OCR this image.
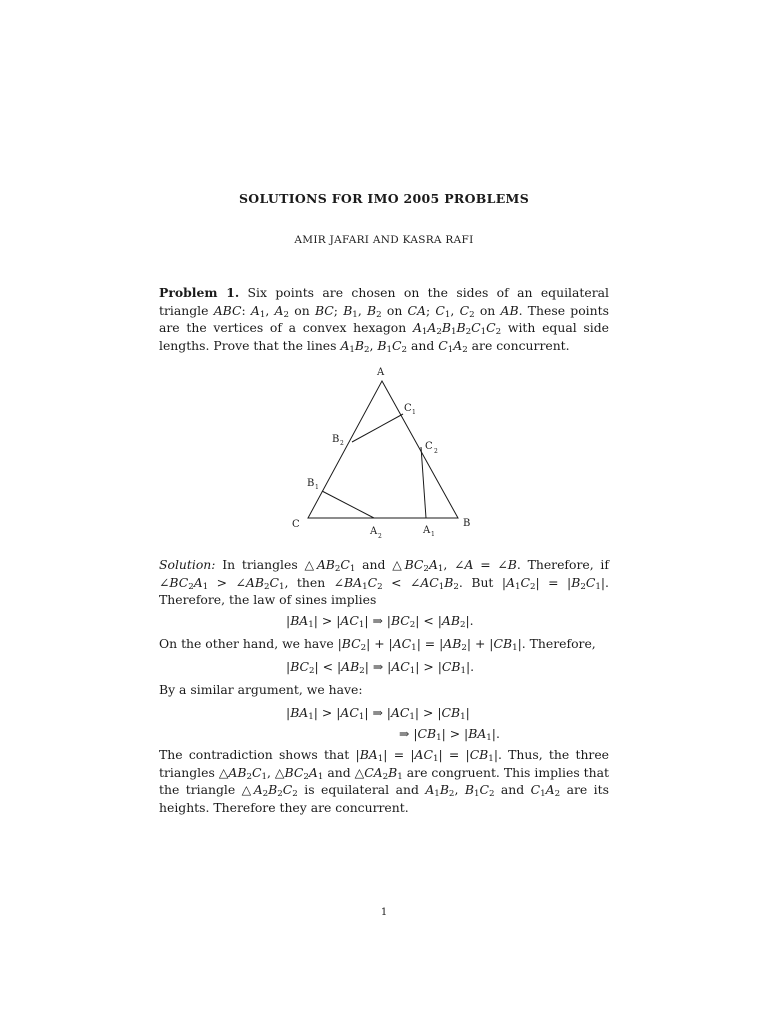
SOLUTIONS FOR IMO 2005 PROBLEMS
AMIR JAFARI AND KASRA RAFI

Problem 1. Six points are chosen on the sides of an equilateral triangle ABC: $A_1$, $A_2$ on BC; $B_1$, $B_2$ on CA; $C_1$, $C_2$ on AB. These points are the vertices of a convex hexagon $A_1A_2B_1B_2C_1C_2$ with equal side lengths. Prove that the lines $A_1B_2$, $B_1C_2$ and $C_1A_2$ are concurrent.

A
B
C
C 1
B 2	C 2
B 1
A 2
A 1

Solution: In triangles $\triangle AB_2C_1$ and $\triangle BC_2A_1$, ∠A = ∠B. Therefore, if $\angle BC_2A_1$ > $\angle AB_2C_1$, then $\angle BA_1C_2$ < $\angle AC_1B_2$. But $|A_1C_2| = |B_2C_1|$. Therefore, the law of sines implies

$|BA_1| > |AC_1|$ ⇒ $|BC_2| < |AB_2|$.

On the other hand, we have $|BC_2| + |AC_1| = |AB_2| + |CB_1|$. Therefore,

$|BC_2| < |AB_2|$ ⇒ $|AC_1| > |CB_1|$.

By a similar argument, we have:

$|BA_1| > |AC_1|$ ⇒ $|AC_1| > |CB_1|$
⇒ $|CB_1| > |BA_1|$.

The contradiction shows that $|BA_1| = |AC_1| = |CB_1|$. Thus, the three triangles $\triangle AB_2C_1$, $\triangle BC_2A_1$ and $\triangle CA_2B_1$ are congruent. This implies that the triangle $\triangle A_2B_2C_2$ is equilateral and $A_1B_2$, $B_1C_2$ and $C_1A_2$ are its heights. Therefore they are concurrent.

1
